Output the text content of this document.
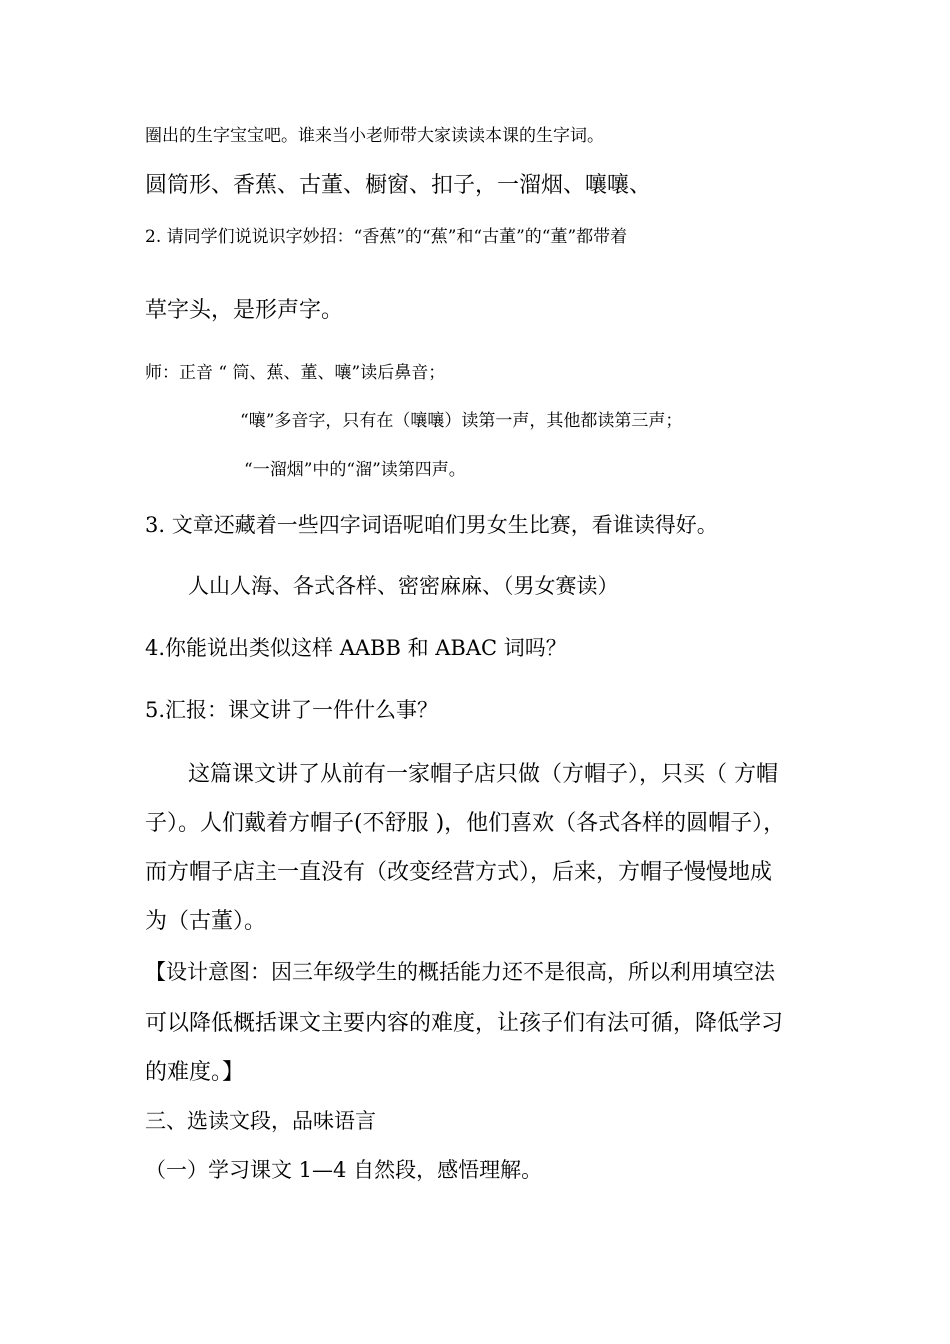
圈出的生字宝宝吧。谁来当小老师带大家读读本课的生字词。
圆筒形、香蕉、古董、橱窗、扣子，一溜烟、嚷嚷、
2. 请同学们说说识字妙招：“香蕉”的“蕉”和“古董”的“董”都带着
草字头，是形声字。
师：正音 “ 筒、蕉、董、嚷”读后鼻音；
“嚷”多音字，只有在（嚷嚷）读第一声，其他都读第三声；
“一溜烟”中的“溜”读第四声。
3. 文章还藏着一些四字词语呢咱们男女生比赛，看谁读得好。
人山人海、各式各样、密密麻麻、（男女赛读）
4.你能说出类似这样 AABB 和 ABAC 词吗？
5.汇报：课文讲了一件什么事？
这篇课文讲了从前有一家帽子店只做（方帽子），只买（ 方帽
子）。人们戴着方帽子(不舒服 )，他们喜欢（各式各样的圆帽子），
而方帽子店主一直没有（改变经营方式），后来，方帽子慢慢地成
为（古董）。
【设计意图：因三年级学生的概括能力还不是很高，所以利用填空法
可以降低概括课文主要内容的难度，让孩子们有法可循，降低学习
的难度。】
三、选读文段，品味语言
（一）学习课文 1—4 自然段，感悟理解。
